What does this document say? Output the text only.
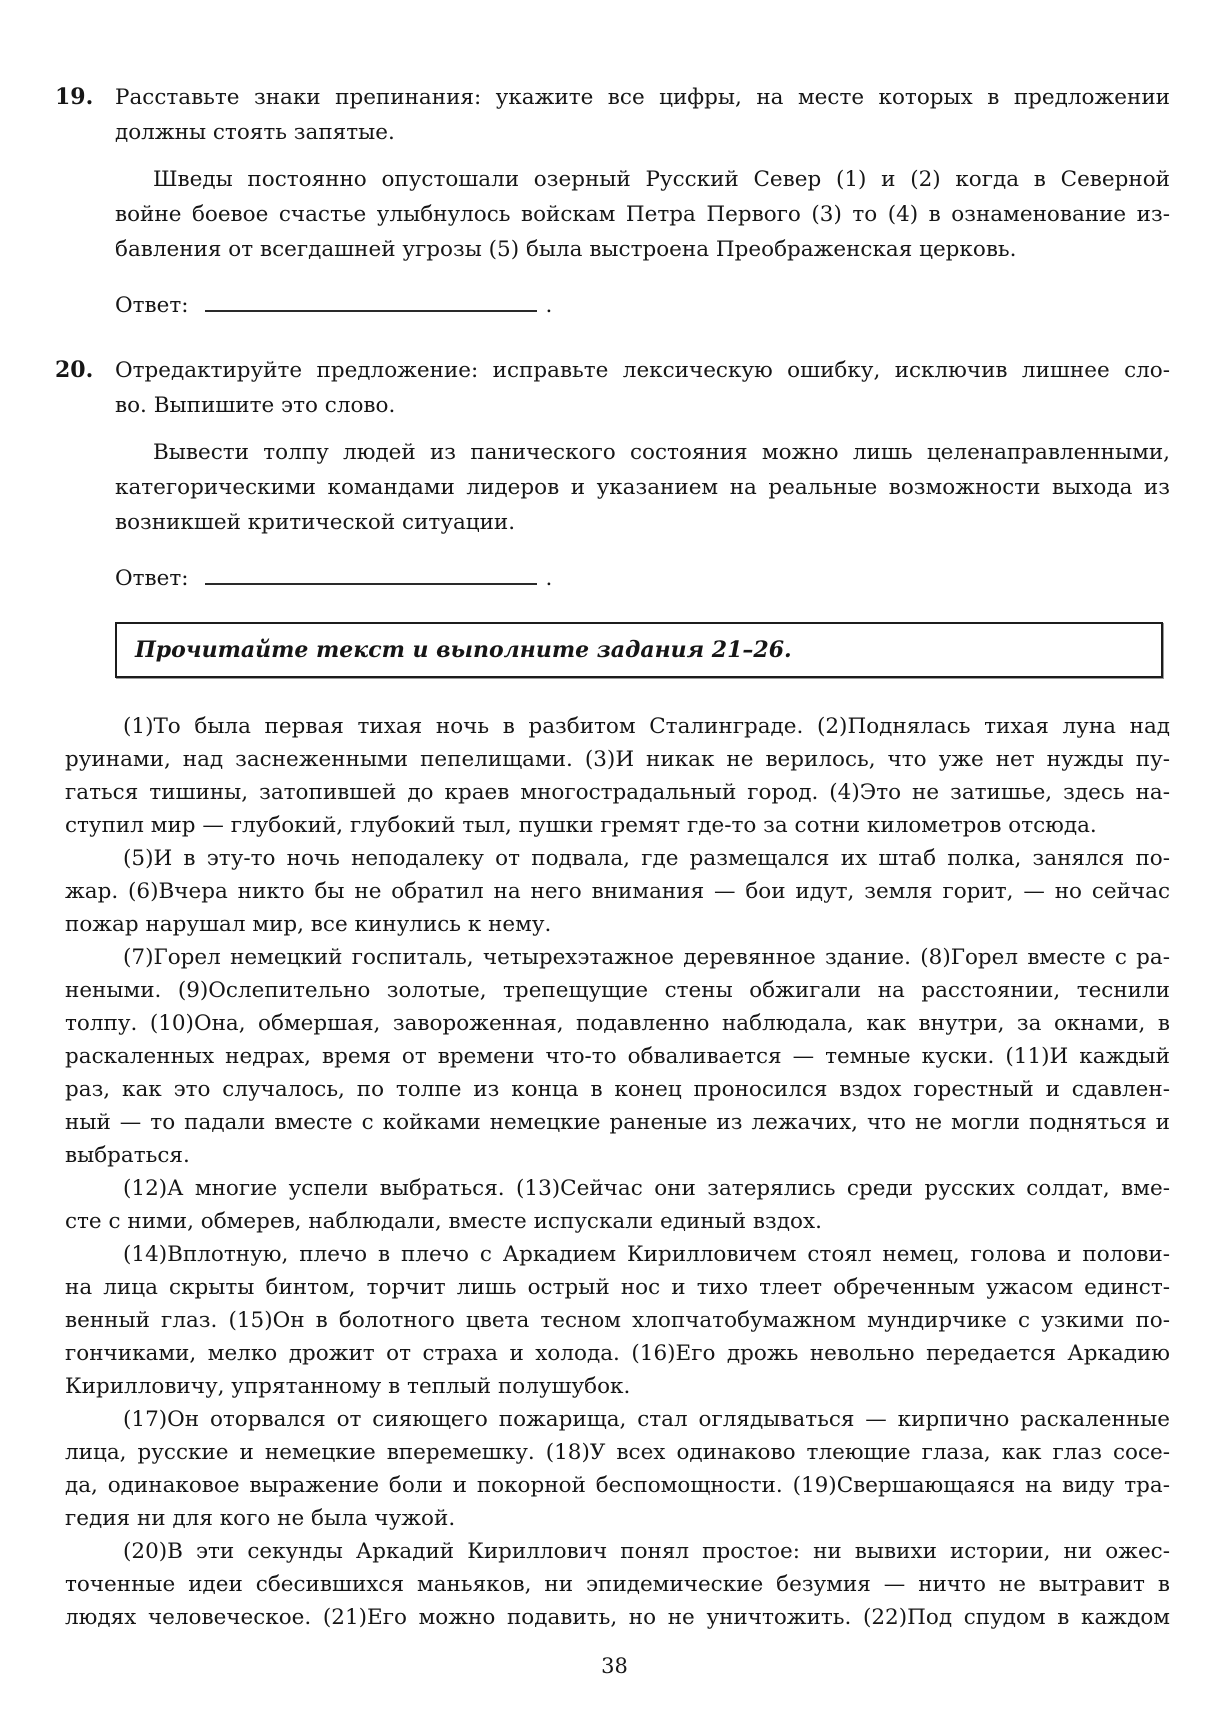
19. Расставьте знаки препинания: укажите все цифры, на месте которых в предложении
должны стоять запятые.
Шведы постоянно опустошали озерный Русский Север (1) и (2) когда в Северной
войне боевое счастье улыбнулось войскам Петра Первого (3) то (4) в ознаменование из-
бавления от всегдашней угрозы (5) была выстроена Преображенская церковь.
Ответ:	.
20. Отредактируйте предложение: исправьте лексическую ошибку, исключив лишнее сло-
во. Выпишите это слово.
Вывести толпу людей из панического состояния можно лишь целенаправленными,
категорическими командами лидеров и указанием на реальные возможности выхода из
возникшей критической ситуации.
Ответ:	.
Прочитайте текст и выполните задания 21–26.
(1)То была первая тихая ночь в разбитом Сталинграде. (2)Поднялась тихая луна над
руинами, над заснеженными пепелищами. (3)И никак не верилось, что уже нет нужды пу-
гаться тишины, затопившей до краев многострадальный город. (4)Это не затишье, здесь на-
ступил мир — глубокий, глубокий тыл, пушки гремят где-то за сотни километров отсюда.
(5)И в эту-то ночь неподалеку от подвала, где размещался их штаб полка, занялся по-
жар. (6)Вчера никто бы не обратил на него внимания — бои идут, земля горит, — но сейчас
пожар нарушал мир, все кинулись к нему.
(7)Горел немецкий госпиталь, четырехэтажное деревянное здание. (8)Горел вместе с ра-
неными. (9)Ослепительно золотые, трепещущие стены обжигали на расстоянии, теснили
толпу. (10)Она, обмершая, завороженная, подавленно наблюдала, как внутри, за окнами, в
раскаленных недрах, время от времени что-то обваливается — темные куски. (11)И каждый
раз, как это случалось, по толпе из конца в конец проносился вздох горестный и сдавлен-
ный — то падали вместе с койками немецкие раненые из лежачих, что не могли подняться и
выбраться.
(12)А многие успели выбраться. (13)Сейчас они затерялись среди русских солдат, вме-
сте с ними, обмерев, наблюдали, вместе испускали единый вздох.
(14)Вплотную, плечо в плечо с Аркадием Кирилловичем стоял немец, голова и полови-
на лица скрыты бинтом, торчит лишь острый нос и тихо тлеет обреченным ужасом единст-
венный глаз. (15)Он в болотного цвета тесном хлопчатобумажном мундирчике с узкими по-
гончиками, мелко дрожит от страха и холода. (16)Его дрожь невольно передается Аркадию
Кирилловичу, упрятанному в теплый полушубок.
(17)Он оторвался от сияющего пожарища, стал оглядываться — кирпично раскаленные
лица, русские и немецкие вперемешку. (18)У всех одинаково тлеющие глаза, как глаз сосе-
да, одинаковое выражение боли и покорной беспомощности. (19)Свершающаяся на виду тра-
гедия ни для кого не была чужой.
(20)В эти секунды Аркадий Кириллович понял простое: ни вывихи истории, ни ожес-
точенные идеи сбесившихся маньяков, ни эпидемические безумия — ничто не вытравит в
людях человеческое. (21)Его можно подавить, но не уничтожить. (22)Под спудом в каждом
38
